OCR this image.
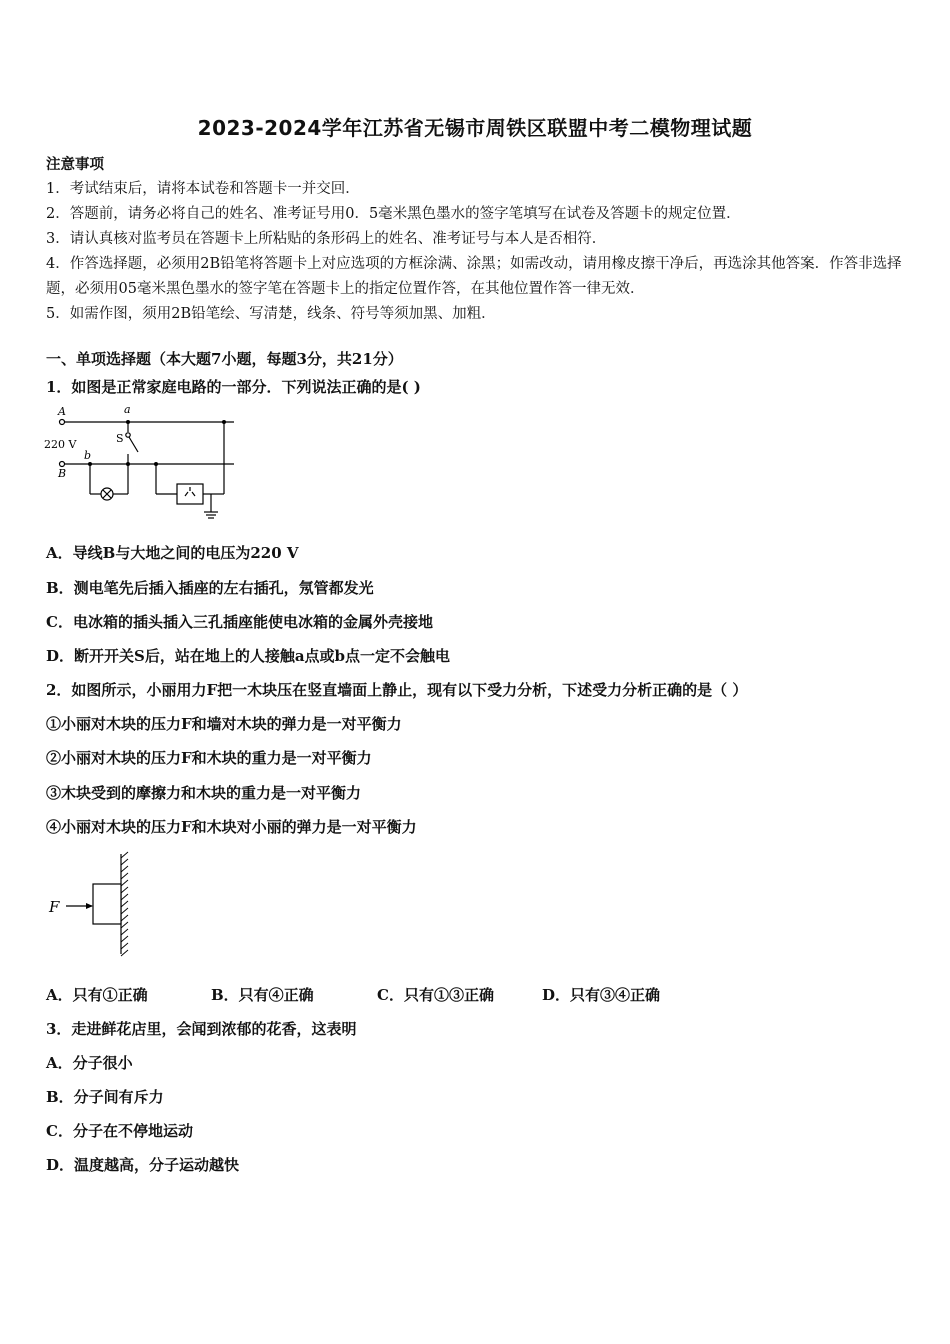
2023-2024学年江苏省无锡市周铁区联盟中考二模物理试题

注意事项

1．考试结束后，请将本试卷和答题卡一并交回．

2．答题前，请务必将自己的姓名、准考证号用0．5毫米黑色墨水的签字笔填写在试卷及答题卡的规定位置．

3．请认真核对监考员在答题卡上所粘贴的条形码上的姓名、准考证号与本人是否相符．

4．作答选择题，必须用2B铅笔将答题卡上对应选项的方框涂满、涂黑；如需改动，请用橡皮擦干净后，再选涂其他答案．作答非选择题，必须用05毫米黑色墨水的签字笔在答题卡上的指定位置作答，在其他位置作答一律无效．

5．如需作图，须用2B铅笔绘、写清楚，线条、符号等须加黑、加粗．

一、单项选择题（本大题7小题，每题3分，共21分）
1．如图是正常家庭电路的一部分．下列说法正确的是( )
A	a
S
220 V
b
B
A．导线B与大地之间的电压为220 V
B．测电笔先后插入插座的左右插孔，氖管都发光
C．电冰箱的插头插入三孔插座能使电冰箱的金属外壳接地
D．断开开关S后，站在地上的人接触a点或b点一定不会触电
2．如图所示，小丽用力F把一木块压在竖直墙面上静止，现有以下受力分析，下述受力分析正确的是（ ）
①小丽对木块的压力F和墙对木块的弹力是一对平衡力
②小丽对木块的压力F和木块的重力是一对平衡力
③木块受到的摩擦力和木块的重力是一对平衡力
④小丽对木块的压力F和木块对小丽的弹力是一对平衡力
F
A．只有①正确	B．只有④正确	C．只有①③正确	D．只有③④正确
3．走进鲜花店里，会闻到浓郁的花香，这表明
A．分子很小
B．分子间有斥力
C．分子在不停地运动
D．温度越高，分子运动越快
